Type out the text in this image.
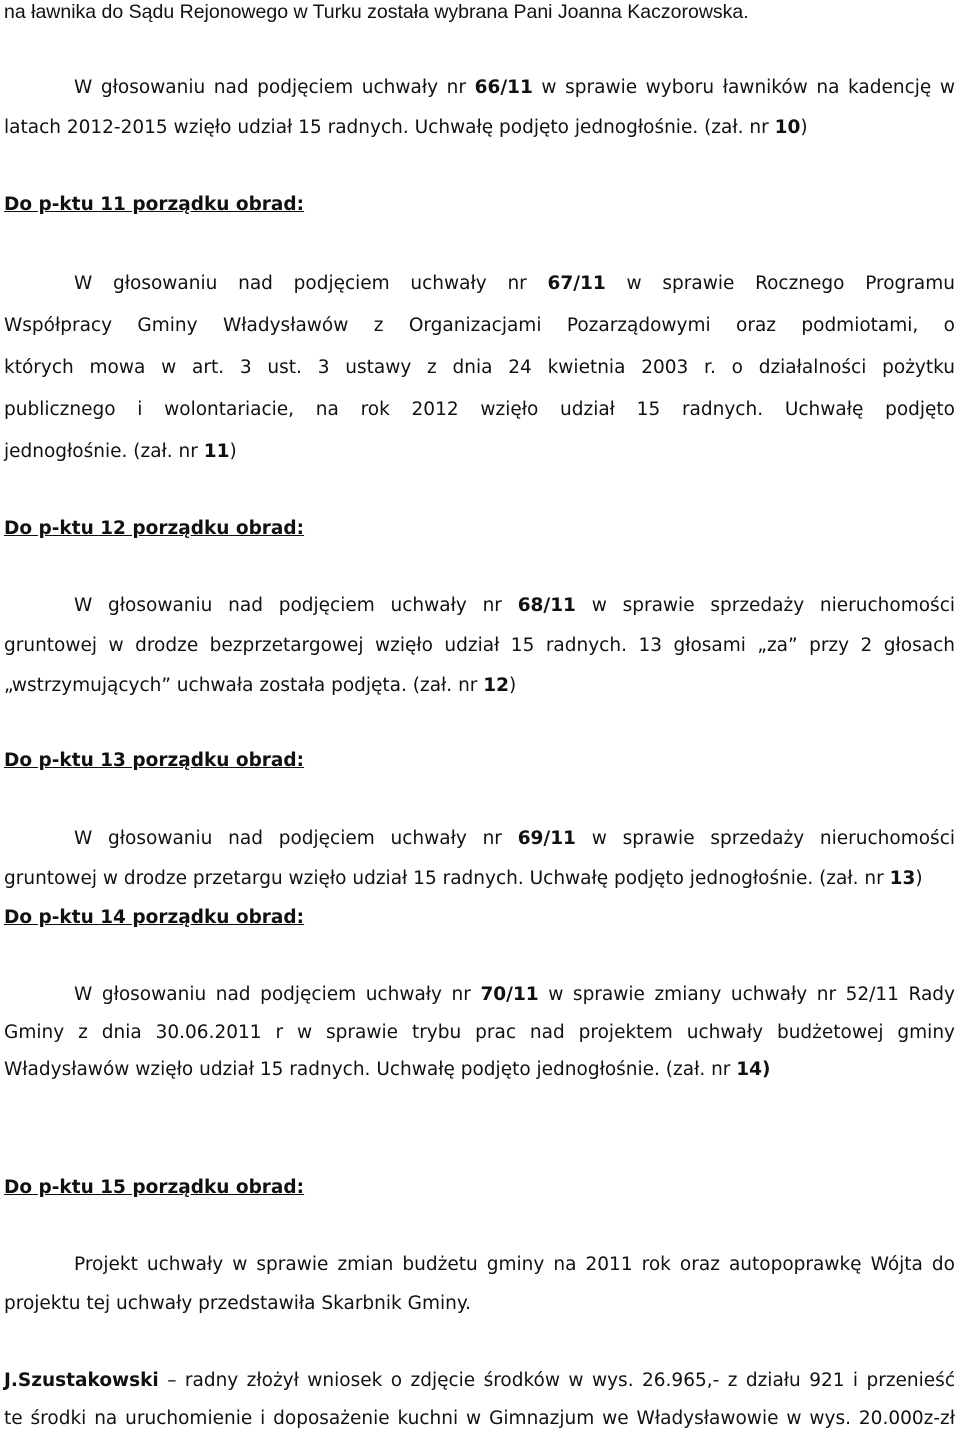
na ławnika do Sądu Rejonowego w Turku została wybrana Pani Joanna Kaczorowska.

W głosowaniu nad podjęciem uchwały nr 66/11 w sprawie wyboru ławników na kadencję w

latach 2012-2015 wzięło udział 15 radnych. Uchwałę podjęto jednogłośnie. (zał. nr 10)

Do p-ktu 11 porządku obrad:

W głosowaniu nad podjęciem uchwały nr 67/11 w sprawie Rocznego Programu

Współpracy Gminy Władysławów z Organizacjami Pozarządowymi oraz podmiotami, o

których mowa w art. 3 ust. 3 ustawy z dnia 24 kwietnia 2003 r. o działalności pożytku

publicznego i wolontariacie, na rok 2012 wzięło udział 15 radnych. Uchwałę podjęto

jednogłośnie. (zał. nr 11)

Do p-ktu 12 porządku obrad:

W głosowaniu nad podjęciem uchwały nr 68/11 w sprawie sprzedaży nieruchomości

gruntowej w drodze bezprzetargowej wzięło udział 15 radnych. 13 głosami „za” przy 2 głosach

„wstrzymujących” uchwała została podjęta. (zał. nr 12)

Do p-ktu 13 porządku obrad:

W głosowaniu nad podjęciem uchwały nr 69/11 w sprawie sprzedaży nieruchomości

gruntowej w drodze przetargu wzięło udział 15 radnych. Uchwałę podjęto jednogłośnie. (zał. nr 13)

Do p-ktu 14 porządku obrad:

W głosowaniu nad podjęciem uchwały nr 70/11 w sprawie zmiany uchwały nr 52/11 Rady

Gminy z dnia 30.06.2011 r w sprawie trybu prac nad projektem uchwały budżetowej gminy

Władysławów wzięło udział 15 radnych. Uchwałę podjęto jednogłośnie. (zał. nr 14)

Do p-ktu 15 porządku obrad:

Projekt uchwały w sprawie zmian budżetu gminy na 2011 rok oraz autopoprawkę Wójta do

projektu tej uchwały przedstawiła Skarbnik Gminy.

J.Szustakowski – radny złożył wniosek o zdjęcie środków w wys. 26.965,- z działu 921 i przenieść

te środki na uruchomienie i doposażenie kuchni w Gimnazjum we Władysławowie w wys. 20.000z-zł
